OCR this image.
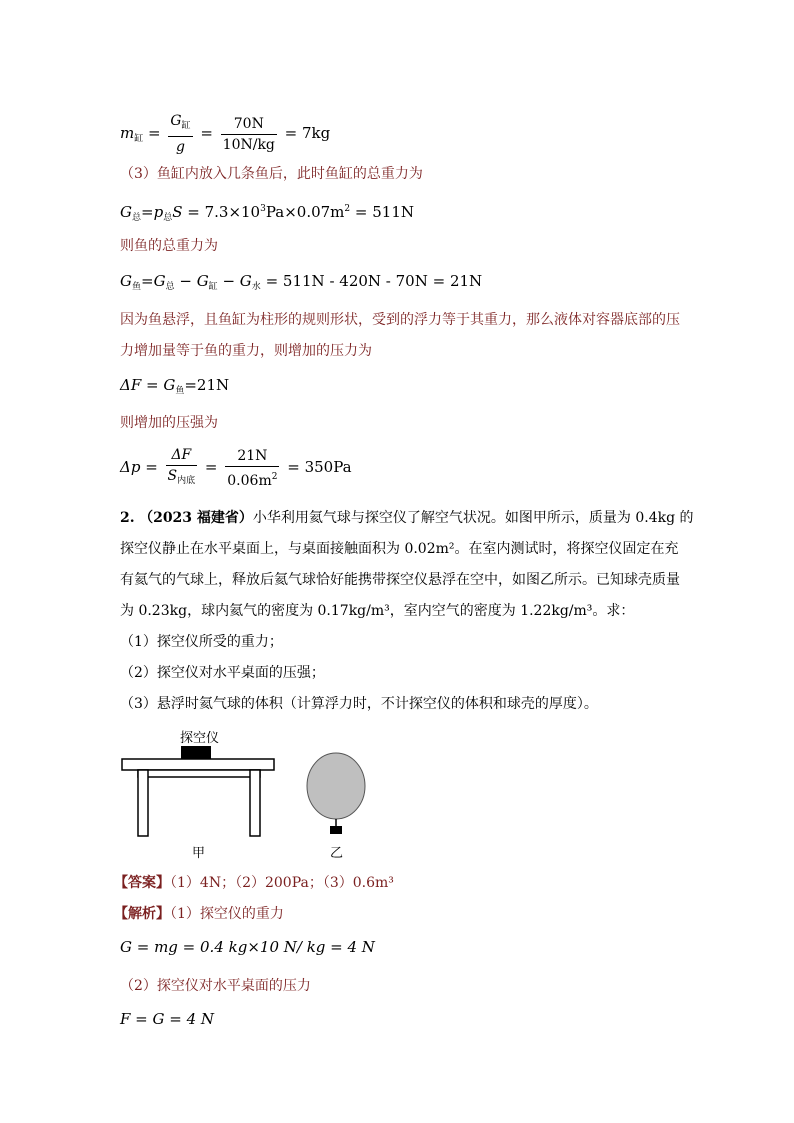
$m_缸 = \frac{G_缸}{g} = \frac{70N}{10N/kg} = 7kg$
（3）鱼缸内放入几条鱼后，此时鱼缸的总重力为
$G_总=p_总S = 7.3\times 10^3Pa\times 0.07m^2 = 511N$
则鱼的总重力为
$G_鱼=G_总 - G_缸 - G_水 = 511N - 420N - 70N = 21N$
因为鱼悬浮，且鱼缸为柱形的规则形状，受到的浮力等于其重力，那么液体对容器底部的压
力增加量等于鱼的重力，则增加的压力为
$\Delta F = G_鱼=21N$
则增加的压强为
$\Delta p = \frac{\Delta F}{S_{内底}} = \frac{21N}{0.06m^2} = 350Pa$
2. （2023 福建省）小华利用氦气球与探空仪了解空气状况。如图甲所示，质量为 0.4kg 的
探空仪静止在水平桌面上，与桌面接触面积为 0.02m²。在室内测试时，将探空仪固定在充
有氦气的气球上，释放后氦气球恰好能携带探空仪悬浮在空中，如图乙所示。已知球壳质量
为 0.23kg，球内氦气的密度为 0.17kg/m³，室内空气的密度为 1.22kg/m³。求：
（1）探空仪所受的重力；
（2）探空仪对水平桌面的压强；
（3）悬浮时氦气球的体积（计算浮力时，不计探空仪的体积和球壳的厚度）。
探空仪
甲	乙
【答案】（1）4N；（2）200Pa；（3）0.6m³
【解析】（1）探空仪的重力
G = mg = 0.4 kg×10 N/ kg = 4 N
（2）探空仪对水平桌面的压力
F = G = 4 N
